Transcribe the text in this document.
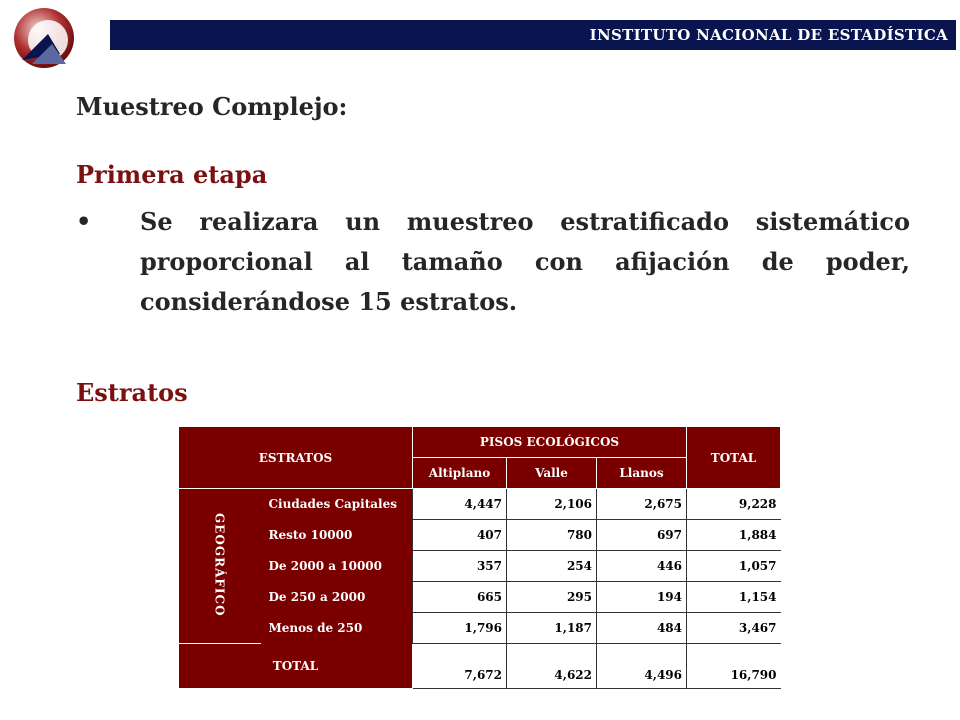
INSTITUTO NACIONAL DE ESTADÍSTICA
Muestreo Complejo:
Primera etapa
•	Se realizara un muestreo estratificado sistemático proporcional al tamaño con afijación de poder, considerándose 15 estratos.
Estratos
ESTRATOS		PISOS ECOLÓGICOS			TOTAL
		Altiplano	Valle	Llanos	
GEOGRÁFICO	Ciudades Capitales	4,447	2,106	2,675	9,228
	Resto 10000	407	780	697	1,884
	De 2000 a 10000	357	254	446	1,057
	De 250 a 2000	665	295	194	1,154
	Menos de 250	1,796	1,187	484	3,467
TOTAL		7,672	4,622	4,496	16,790
